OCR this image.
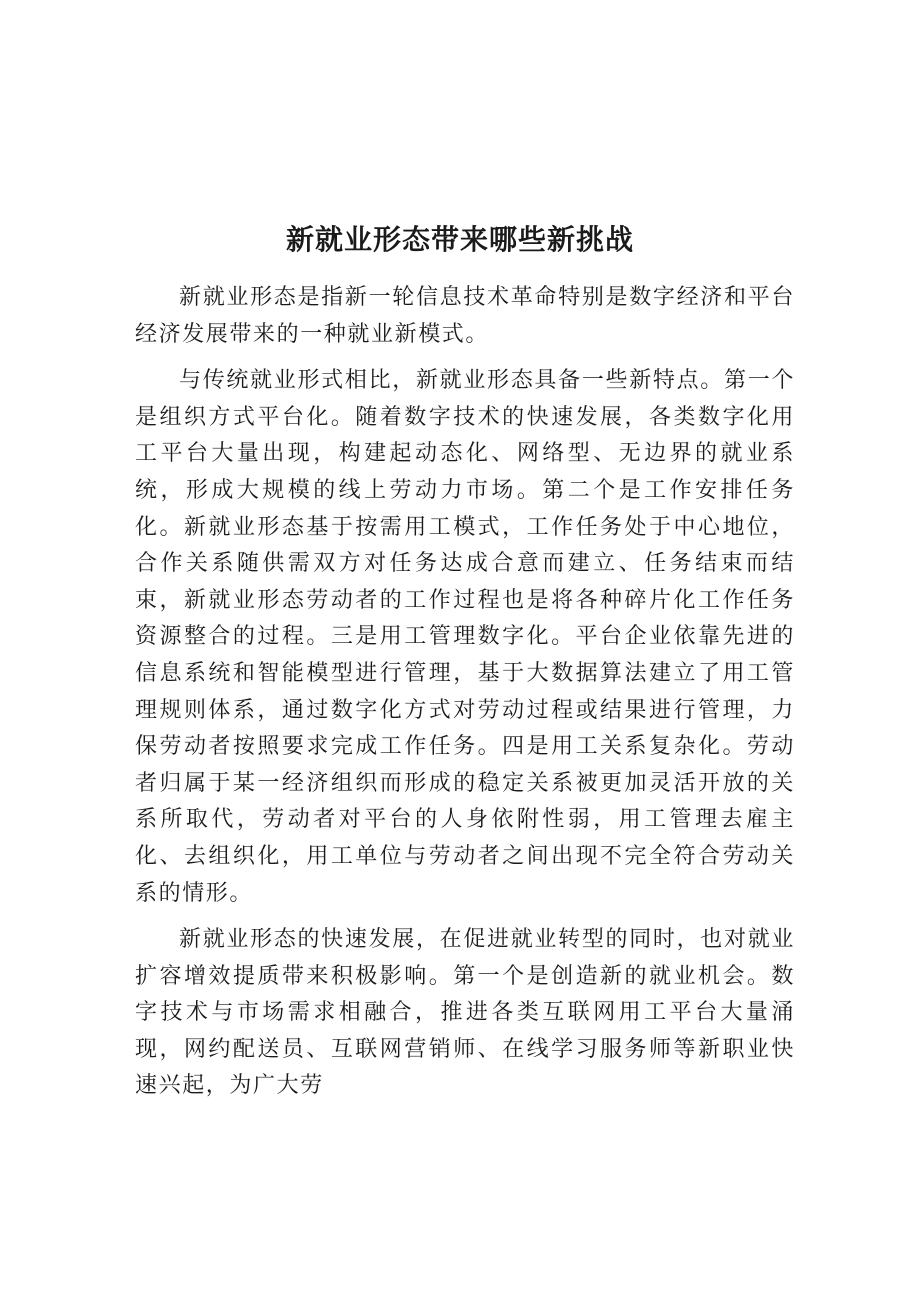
新就业形态带来哪些新挑战

新就业形态是指新一轮信息技术革命特别是数字经济和平台经济发展带来的一种就业新模式。

与传统就业形式相比，新就业形态具备一些新特点。第一个是组织方式平台化。随着数字技术的快速发展，各类数字化用工平台大量出现，构建起动态化、网络型、无边界的就业系统，形成大规模的线上劳动力市场。第二个是工作安排任务化。新就业形态基于按需用工模式，工作任务处于中心地位，合作关系随供需双方对任务达成合意而建立、任务结束而结束，新就业形态劳动者的工作过程也是将各种碎片化工作任务资源整合的过程。三是用工管理数字化。平台企业依靠先进的信息系统和智能模型进行管理，基于大数据算法建立了用工管理规则体系，通过数字化方式对劳动过程或结果进行管理，力保劳动者按照要求完成工作任务。四是用工关系复杂化。劳动者归属于某一经济组织而形成的稳定关系被更加灵活开放的关系所取代，劳动者对平台的人身依附性弱，用工管理去雇主化、去组织化，用工单位与劳动者之间出现不完全符合劳动关系的情形。

新就业形态的快速发展，在促进就业转型的同时，也对就业扩容增效提质带来积极影响。第一个是创造新的就业机会。数字技术与市场需求相融合，推进各类互联网用工平台大量涌现，网约配送员、互联网营销师、在线学习服务师等新职业快速兴起，为广大劳
